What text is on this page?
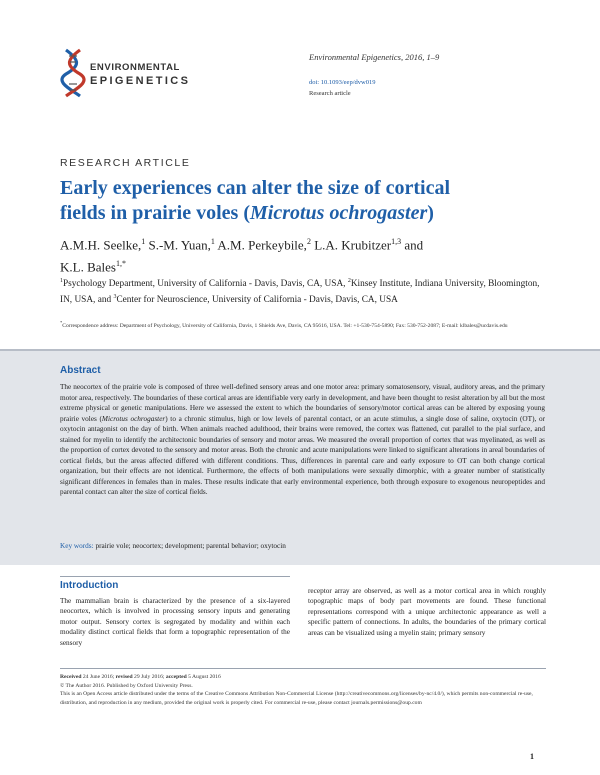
ENVIRONMENTAL
EPIGENETICS
Environmental Epigenetics, 2016, 1–9
doi: 10.1093/eep/dvw019
Research article
RESEARCH ARTICLE
Early experiences can alter the size of cortical fields in prairie voles (Microtus ochrogaster)
A.M.H. Seelke,$^1$ S.-M. Yuan,$^1$ A.M. Perkeybile,$^2$ L.A. Krubitzer$^{1,3}$ and
K.L. Bales$^{1,*}$
$^1$Psychology Department, University of California - Davis, Davis, CA, USA, $^2$Kinsey Institute, Indiana University, Bloomington, IN, USA, and $^3$Center for Neuroscience, University of California - Davis, Davis, CA, USA
*Correspondence address: Department of Psychology, University of California, Davis, 1 Shields Ave, Davis, CA 95616, USA. Tel: +1-530-754-5890; Fax: 530-752-2087; E-mail: klbales@ucdavis.edu
Abstract
The neocortex of the prairie vole is composed of three well-defined sensory areas and one motor area: primary somatosensory, visual, auditory areas, and the primary motor area, respectively. The boundaries of these cortical areas are identifiable very early in development, and have been thought to resist alteration by all but the most extreme physical or genetic manipulations. Here we assessed the extent to which the boundaries of sensory/motor cortical areas can be altered by exposing young prairie voles (Microtus ochrogaster) to a chronic stimulus, high or low levels of parental contact, or an acute stimulus, a single dose of saline, oxytocin (OT), or oxytocin antagonist on the day of birth. When animals reached adulthood, their brains were removed, the cortex was flattened, cut parallel to the pial surface, and stained for myelin to identify the architectonic boundaries of sensory and motor areas. We measured the overall proportion of cortex that was myelinated, as well as the proportion of cortex devoted to the sensory and motor areas. Both the chronic and acute manipulations were linked to significant alterations in areal boundaries of cortical fields, but the areas affected differed with different conditions. Thus, differences in parental care and early exposure to OT can both change cortical organization, but their effects are not identical. Furthermore, the effects of both manipulations were sexually dimorphic, with a greater number of statistically significant differences in females than in males. These results indicate that early environmental experience, both through exposure to exogenous neuropeptides and parental contact can alter the size of cortical fields.
Key words: prairie vole; neocortex; development; parental behavior; oxytocin
Introduction
The mammalian brain is characterized by the presence of a six-layered neocortex, which is involved in processing sensory inputs and generating motor output. Sensory cortex is segregated by modality and within each modality distinct cortical fields that form a topographic representation of the sensory
receptor array are observed, as well as a motor cortical area in which roughly topographic maps of body part movements are found. These functional representations correspond with a unique architectonic appearance as well a specific pattern of connections. In adults, the boundaries of the primary cortical areas can be visualized using a myelin stain; primary sensory
Received 24 June 2016; revised 29 July 2016; accepted 5 August 2016
© The Author 2016. Published by Oxford University Press.
This is an Open Access article distributed under the terms of the Creative Commons Attribution Non-Commercial License (http://creativecommons.org/licenses/by-nc/4.0/), which permits non-commercial re-use, distribution, and reproduction in any medium, provided the original work is properly cited. For commercial re-use, please contact journals.permissions@oup.com
1
